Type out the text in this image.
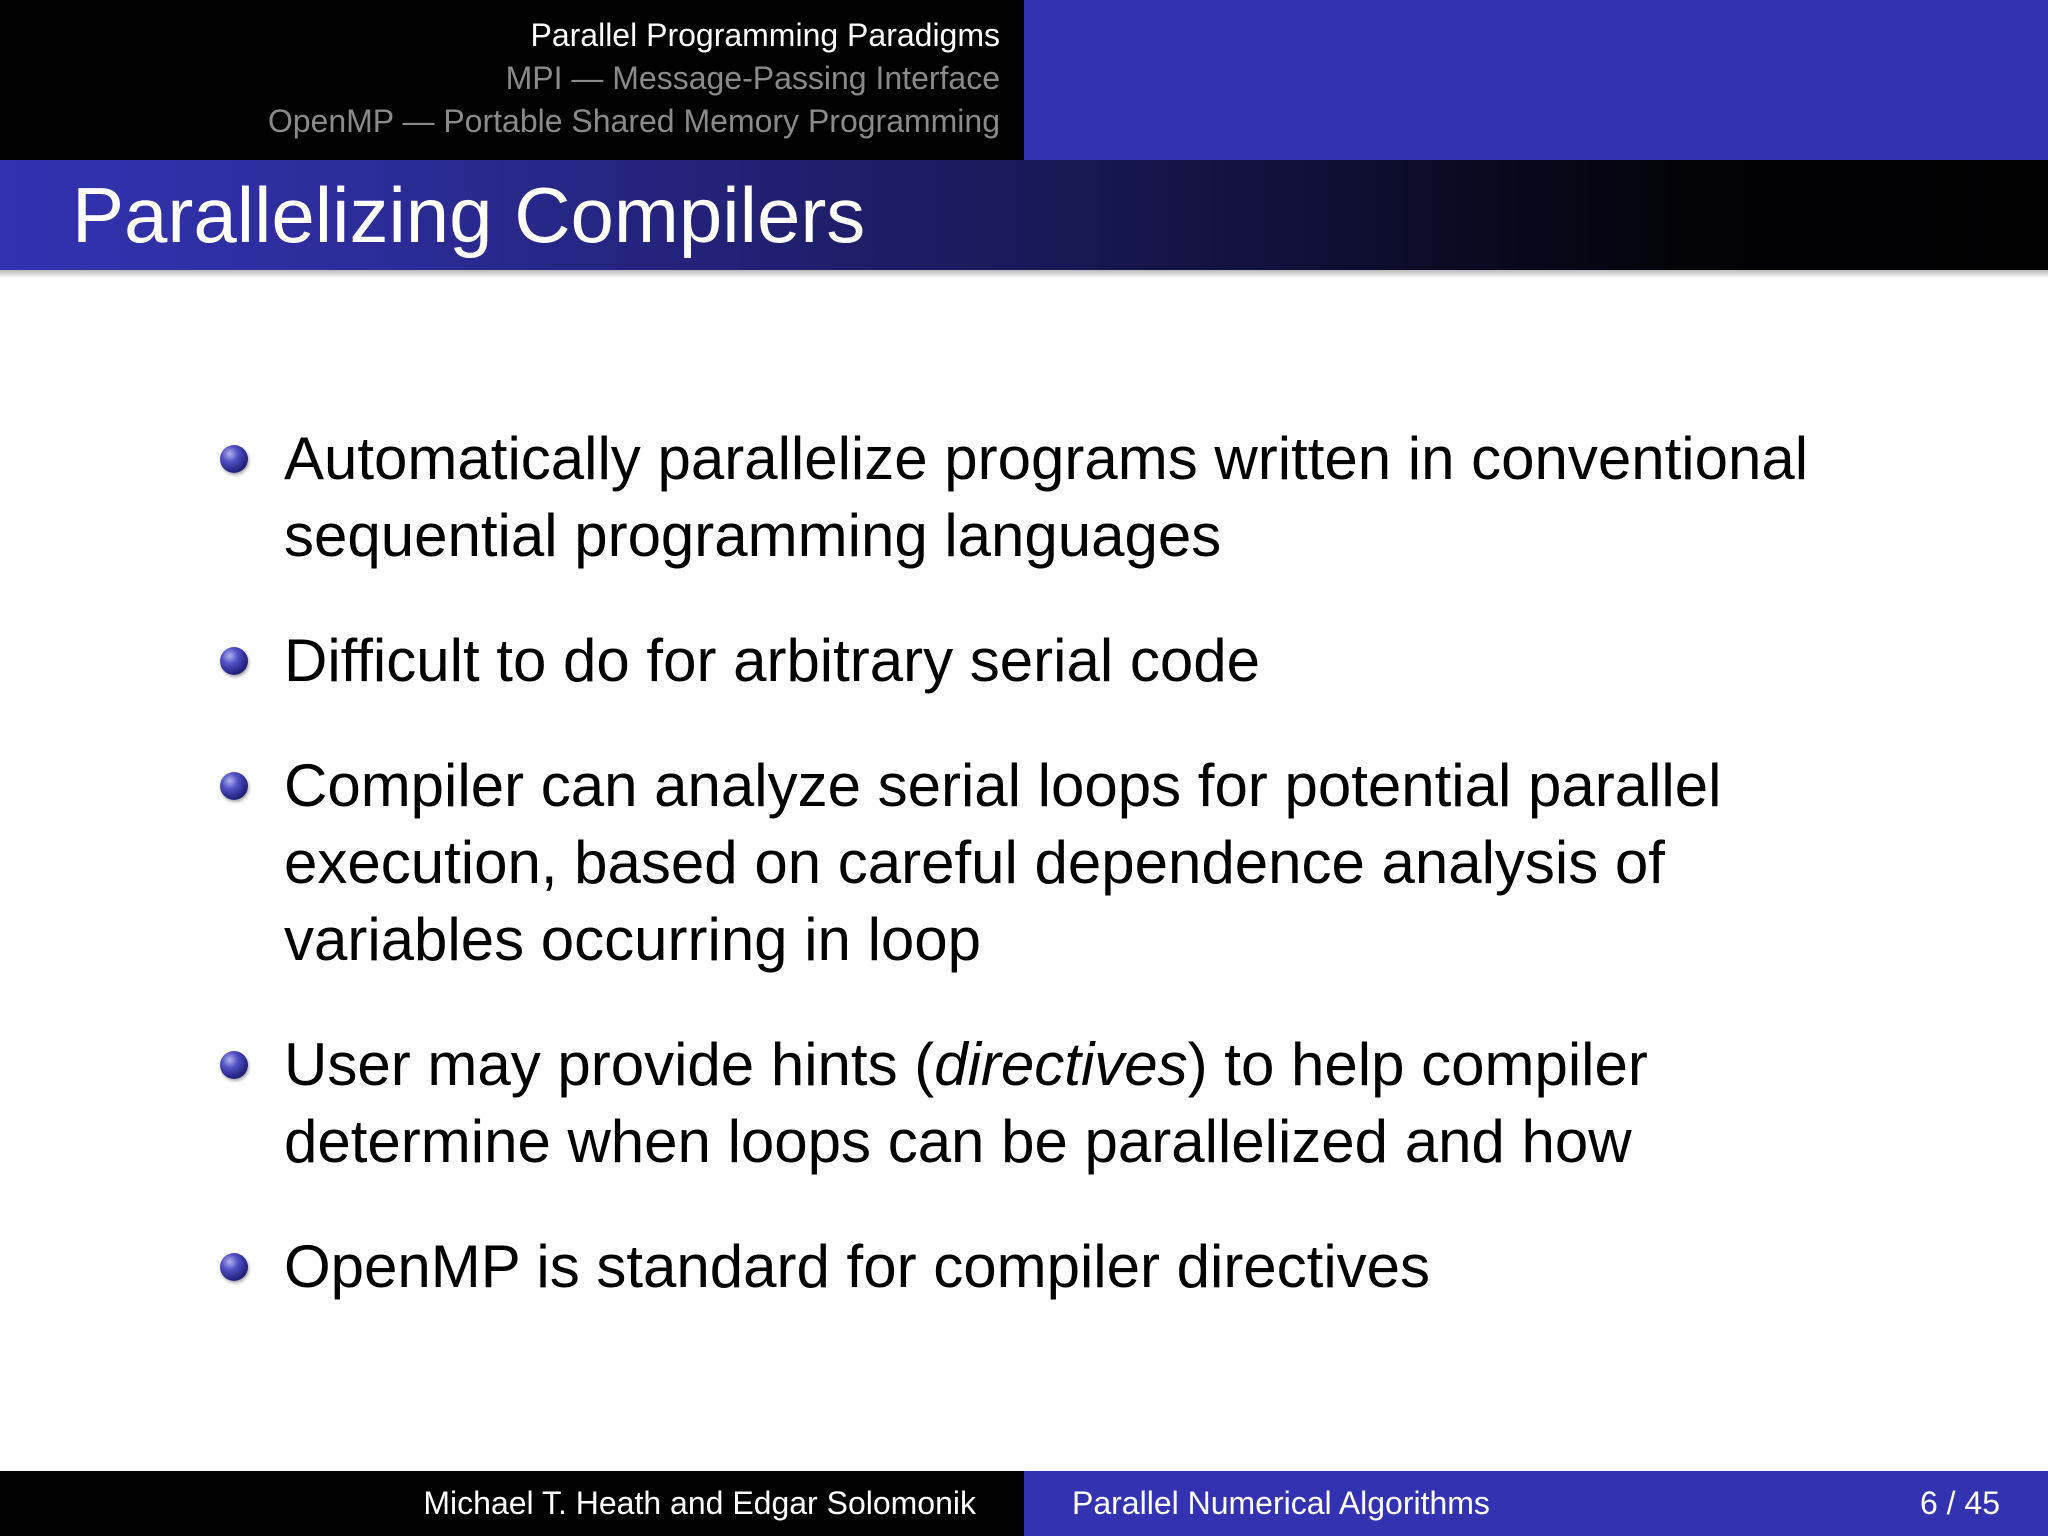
Parallel Programming Paradigms
MPI — Message-Passing Interface
OpenMP — Portable Shared Memory Programming
Parallelizing Compilers
Automatically parallelize programs written in conventional sequential programming languages
Difficult to do for arbitrary serial code
Compiler can analyze serial loops for potential parallel execution, based on careful dependence analysis of variables occurring in loop
User may provide hints (directives) to help compiler determine when loops can be parallelized and how
OpenMP is standard for compiler directives
Michael T. Heath and Edgar Solomonik	Parallel Numerical Algorithms	6 / 45
